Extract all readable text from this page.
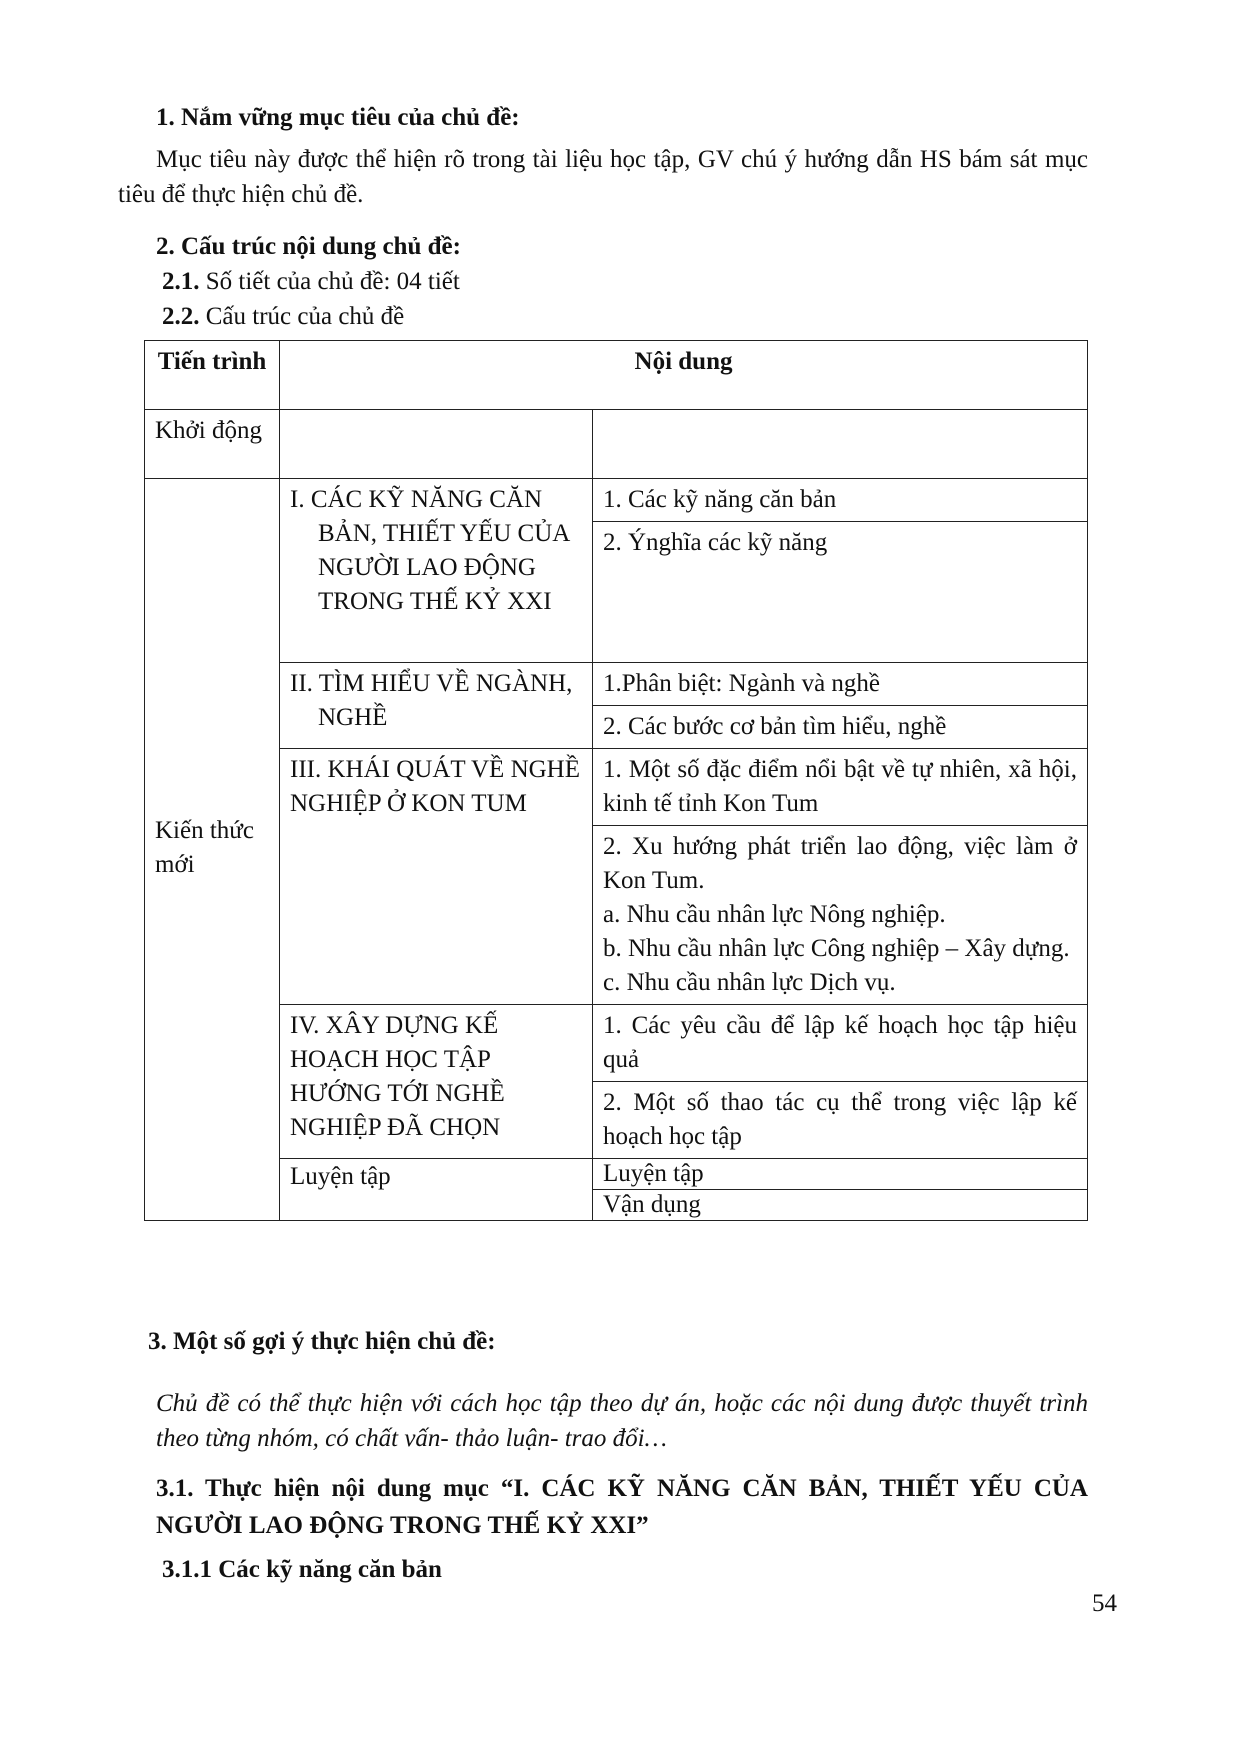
1. Nắm vững mục tiêu của chủ đề:
Mục tiêu này được thể hiện rõ trong tài liệu học tập, GV chú ý hướng dẫn HS bám sát mục tiêu để thực hiện chủ đề.
2. Cấu trúc nội dung chủ đề:
2.1. Số tiết của chủ đề: 04 tiết
2.2. Cấu trúc của chủ đề
Tiến trình	Nội dung		
Khởi động			
Kiến thức mới	I. CÁC KỸ NĂNG CĂN BẢN, THIẾT YẾU CỦA NGƯỜI LAO ĐỘNG TRONG THẾ KỶ XXI	1. Các kỹ năng căn bản	
		2. Ýnghĩa các kỹ năng	

	II. TÌM HIỂU VỀ NGÀNH, NGHỀ	1.Phân biệt: Ngành và nghề	
		2. Các bước cơ bản tìm hiểu, nghề	
	III. KHÁI QUÁT VỀ NGHỀ NGHIỆP Ở KON TUM	1. Một số đặc điểm nổi bật về tự nhiên, xã hội, kinh tế tỉnh Kon Tum	

		2. Xu hướng phát triển lao động, việc làm ở Kon Tum.
a. Nhu cầu nhân lực Nông nghiệp.
b. Nhu cầu nhân lực Công nghiệp – Xây dựng.
c. Nhu cầu nhân lực Dịch vụ.	

	IV. XÂY DỰNG KẾ HOẠCH HỌC TẬP HƯỚNG TỚI NGHỀ NGHIỆP ĐÃ CHỌN	1. Các yêu cầu để lập kế hoạch học tập hiệu quả	
		2. Một số thao tác cụ thể trong việc lập kế hoạch học tập	
	Luyện tập	Luyện tập	
		Vận dụng	
3. Một số gợi ý thực hiện chủ đề:
Chủ đề có thể thực hiện với cách học tập theo dự án, hoặc các nội dung được thuyết trình theo từng nhóm, có chất vấn- thảo luận- trao đổi…
3.1. Thực hiện nội dung mục “I. CÁC KỸ NĂNG CĂN BẢN, THIẾT YẾU CỦA NGƯỜI LAO ĐỘNG TRONG THẾ KỶ XXI”
3.1.1 Các kỹ năng căn bản
54
